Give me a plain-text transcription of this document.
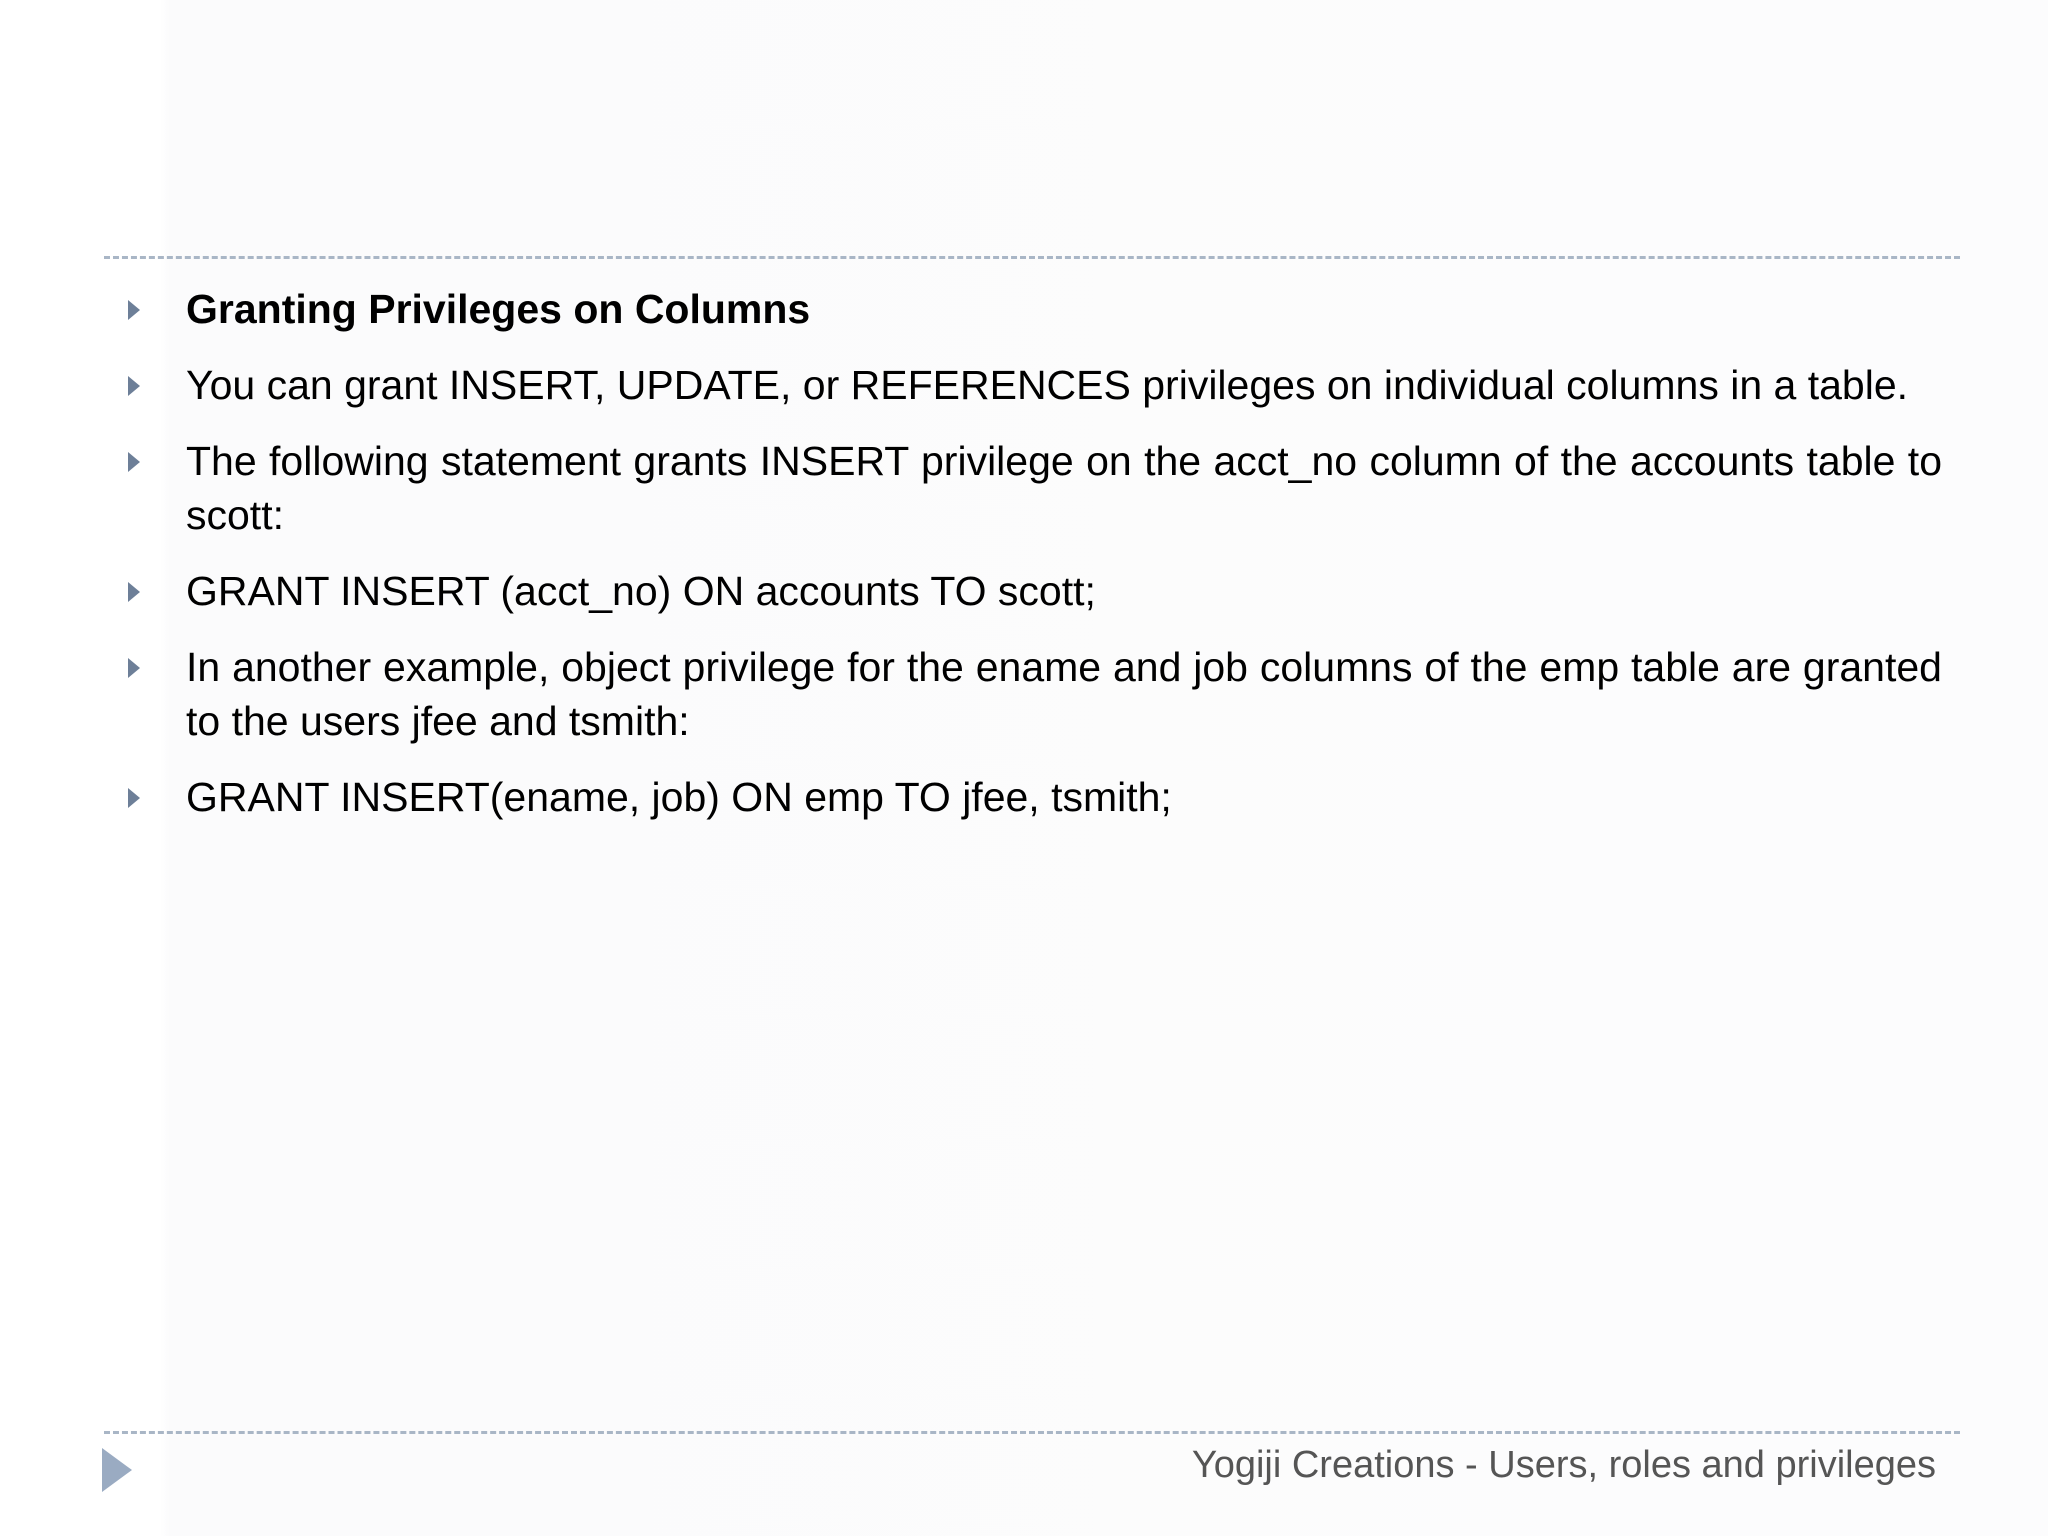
Granting Privileges on Columns
You can grant INSERT, UPDATE, or REFERENCES privileges on individual columns in a table.
The following statement grants INSERT privilege on the acct_no column of the accounts table to scott:
GRANT INSERT (acct_no) ON accounts TO scott;
In another example, object privilege for the ename and job columns of the emp table are granted to the users jfee and tsmith:
GRANT INSERT(ename, job) ON emp TO jfee, tsmith;
Yogiji Creations - Users, roles and privileges
